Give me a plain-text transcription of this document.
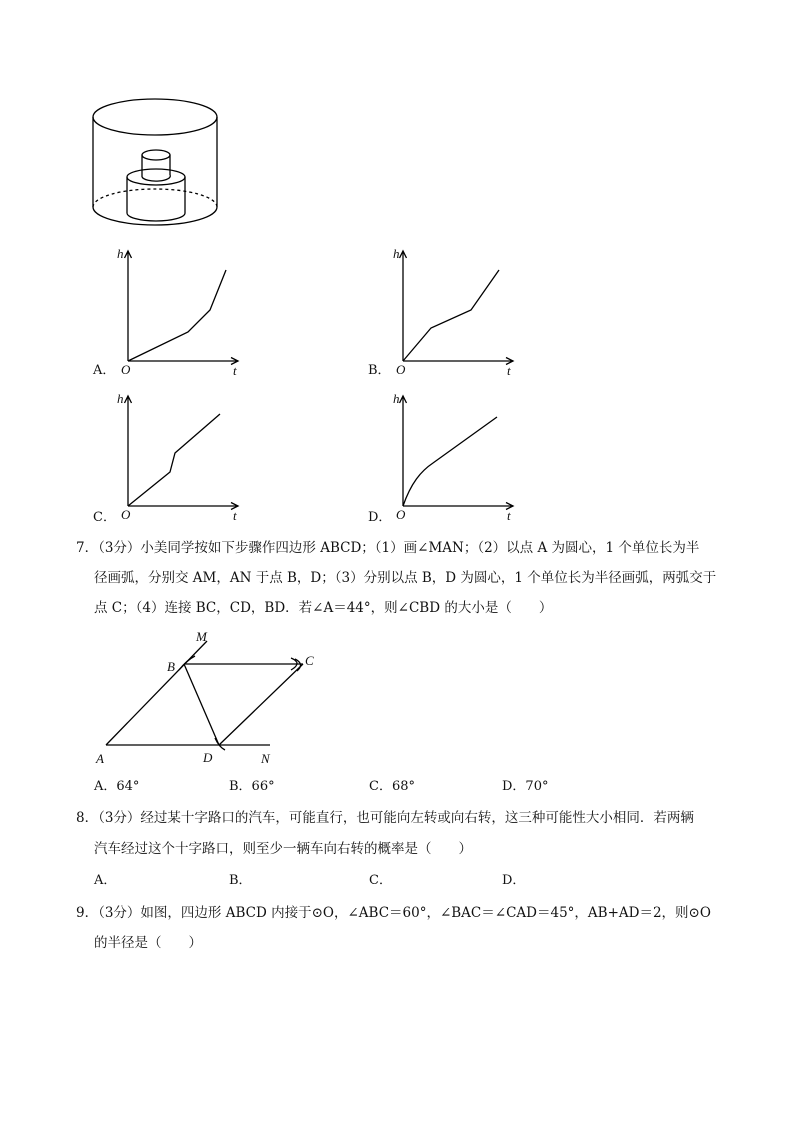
A．
h
O	t	B．
h
O	t
C．
h
O	t	D．
h
O	t
7．（3分）小美同学按如下步骤作四边形 ABCD；（1）画∠MAN；（2）以点 A 为圆心，1 个单位长为半
径画弧，分别交 AM，AN 于点 B，D；（3）分别以点 B，D 为圆心，1 个单位长为半径画弧，两弧交于
点 C；（4）连接 BC，CD，BD．若∠A＝44°，则∠CBD 的大小是（　　）
M
B	C
A	D	N
A．64°	B．66°	C．68°	D．70°
8．（3分）经过某十字路口的汽车，可能直行，也可能向左转或向右转，这三种可能性大小相同．若两辆
汽车经过这个十字路口，则至少一辆车向右转的概率是（　　）
A．	B．	C．	D．
9．（3分）如图，四边形 ABCD 内接于⊙O，∠ABC＝60°，∠BAC＝∠CAD＝45°，AB+AD＝2，则⊙O
的半径是（　　）
